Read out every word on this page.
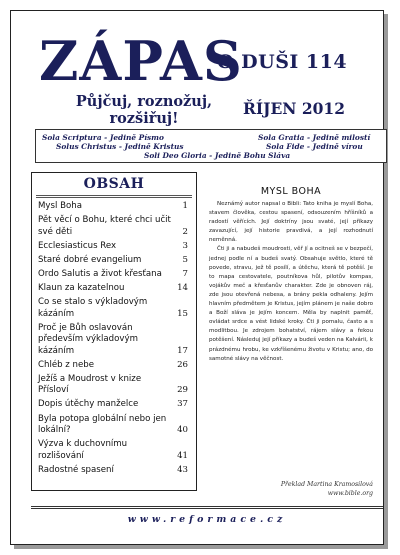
ZÁPAS
O DUŠI 114
Půjčuj, roznožuj, rozšiřuj!
ŘÍJEN 2012
Sola Scriptura - Jedině Písmo	Sola Gratia - Jedině milostí
Solus Christus - Jedině Kristus	Sola Fide - Jedině vírou
Soli Deo Gloria - Jedině Bohu Sláva
OBSAH
Mysl Boha	1
Pět věcí o Bohu, které chci učit své děti	2
Ecclesiasticus Rex	3
Staré dobré evangelium	5
Ordo Salutis a život křesťana	7
Klaun za kazatelnou	14
Co se stalo s výkladovým kázáním	15
Proč je Bůh oslavován především výkladovým kázáním	17
Chléb z nebe	26
Ježíš a Moudrost v knize Přísloví	29
Dopis útěchy manželce	37
Byla potopa globální nebo jen lokální?	40
Výzva k duchovnímu rozlišování	41
Radostné spasení	43
MYSL BOHA

Neznámý autor napsal o Bibli: Tato kniha je myslí Boha, stavem člověka, cestou spasení, odsouzením hříšníků a radostí věřících. Její doktríny jsou svaté, její příkazy zavazující, její historie pravdivá, a její rozhodnutí neměnná.

Čti ji a nabudeš moudrosti, věř jí a ocitneš se v bezpečí, jednej podle ní a budeš svatý. Obsahuje světlo, které tě povede, stravu, jež tě posílí, a útěchu, která tě potěší. Je to mapa cestovatele, poutníkova hůl, pilotův kompas, vojákův meč a křesťanův charakter. Zde je obnoven ráj, zde jsou otevřená nebesa, a brány pekla odhaleny. Jejím hlavním předmětem je Kristus, jejím plánem je naše dobro a Boží sláva je jejím koncem. Měla by naplnit paměť, ovládat srdce a vést lidské kroky. Čti ji pomalu, často a s modlitbou. Je zdrojem bohatství, rájem slávy a řekou potěšení. Následuj její příkazy a budeš veden na Kalvárii, k prázdnému hrobu, ke vzkříšenému životu v Kristu; ano, do samotné slávy na věčnost.

Překlad Martina Kramosilová
www.bible.org
www.reformace.cz
